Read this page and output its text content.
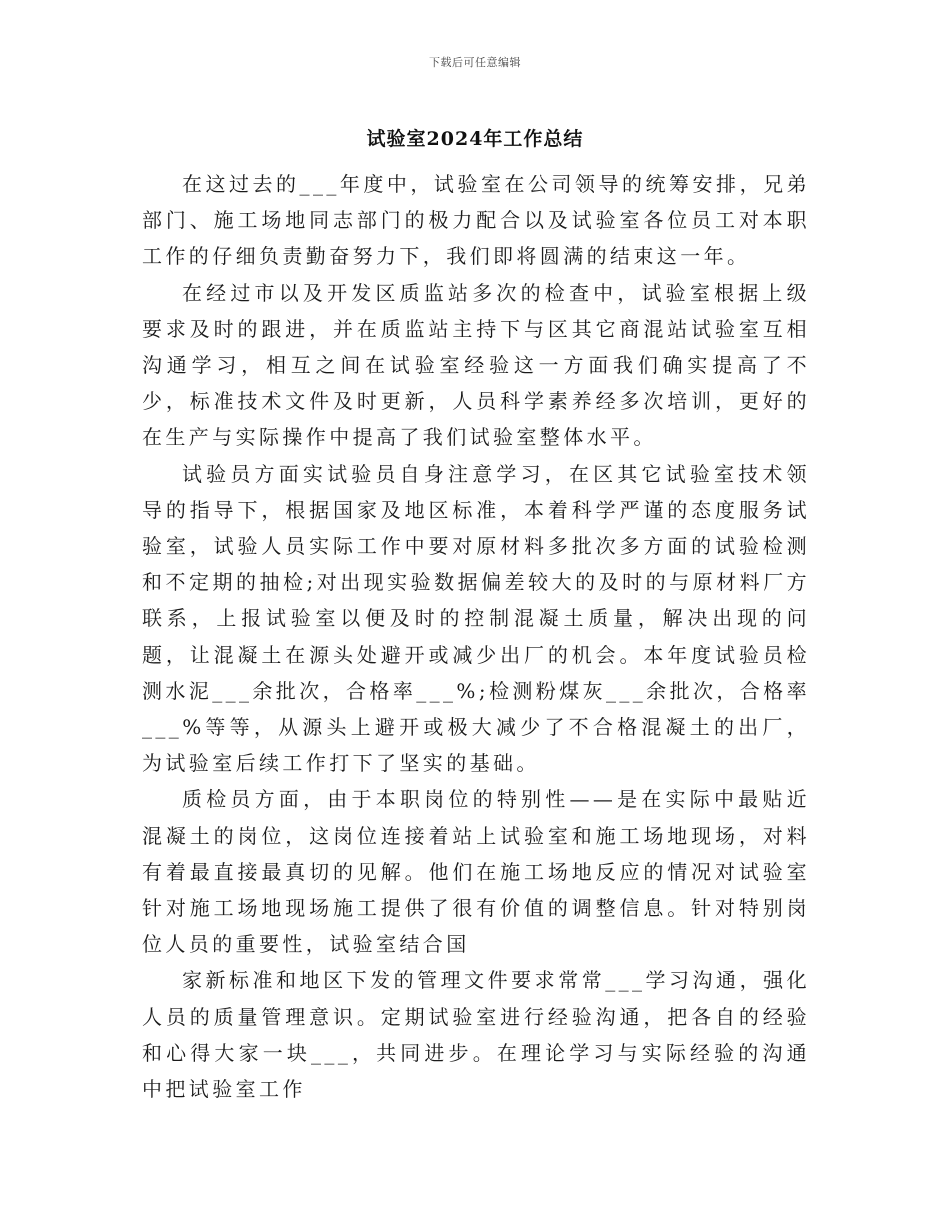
下载后可任意编辑
试验室2024年工作总结

在这过去的___年度中，试验室在公司领导的统筹安排，兄弟部门、施工场地同志部门的极力配合以及试验室各位员工对本职工作的仔细负责勤奋努力下，我们即将圆满的结束这一年。

在经过市以及开发区质监站多次的检查中，试验室根据上级要求及时的跟进，并在质监站主持下与区其它商混站试验室互相沟通学习，相互之间在试验室经验这一方面我们确实提高了不少，标准技术文件及时更新，人员科学素养经多次培训，更好的在生产与实际操作中提高了我们试验室整体水平。

试验员方面实试验员自身注意学习，在区其它试验室技术领导的指导下，根据国家及地区标准，本着科学严谨的态度服务试验室，试验人员实际工作中要对原材料多批次多方面的试验检测和不定期的抽检;对出现实验数据偏差较大的及时的与原材料厂方联系，上报试验室以便及时的控制混凝土质量，解决出现的问题，让混凝土在源头处避开或减少出厂的机会。本年度试验员检测水泥___余批次，合格率___%;检测粉煤灰___余批次，合格率___%等等，从源头上避开或极大减少了不合格混凝土的出厂，为试验室后续工作打下了坚实的基础。

质检员方面，由于本职岗位的特别性——是在实际中最贴近混凝土的岗位，这岗位连接着站上试验室和施工场地现场，对料有着最直接最真切的见解。他们在施工场地反应的情况对试验室针对施工场地现场施工提供了很有价值的调整信息。针对特别岗位人员的重要性，试验室结合国

家新标准和地区下发的管理文件要求常常___学习沟通，强化人员的质量管理意识。定期试验室进行经验沟通，把各自的经验和心得大家一块___，共同进步。在理论学习与实际经验的沟通中把试验室工作
